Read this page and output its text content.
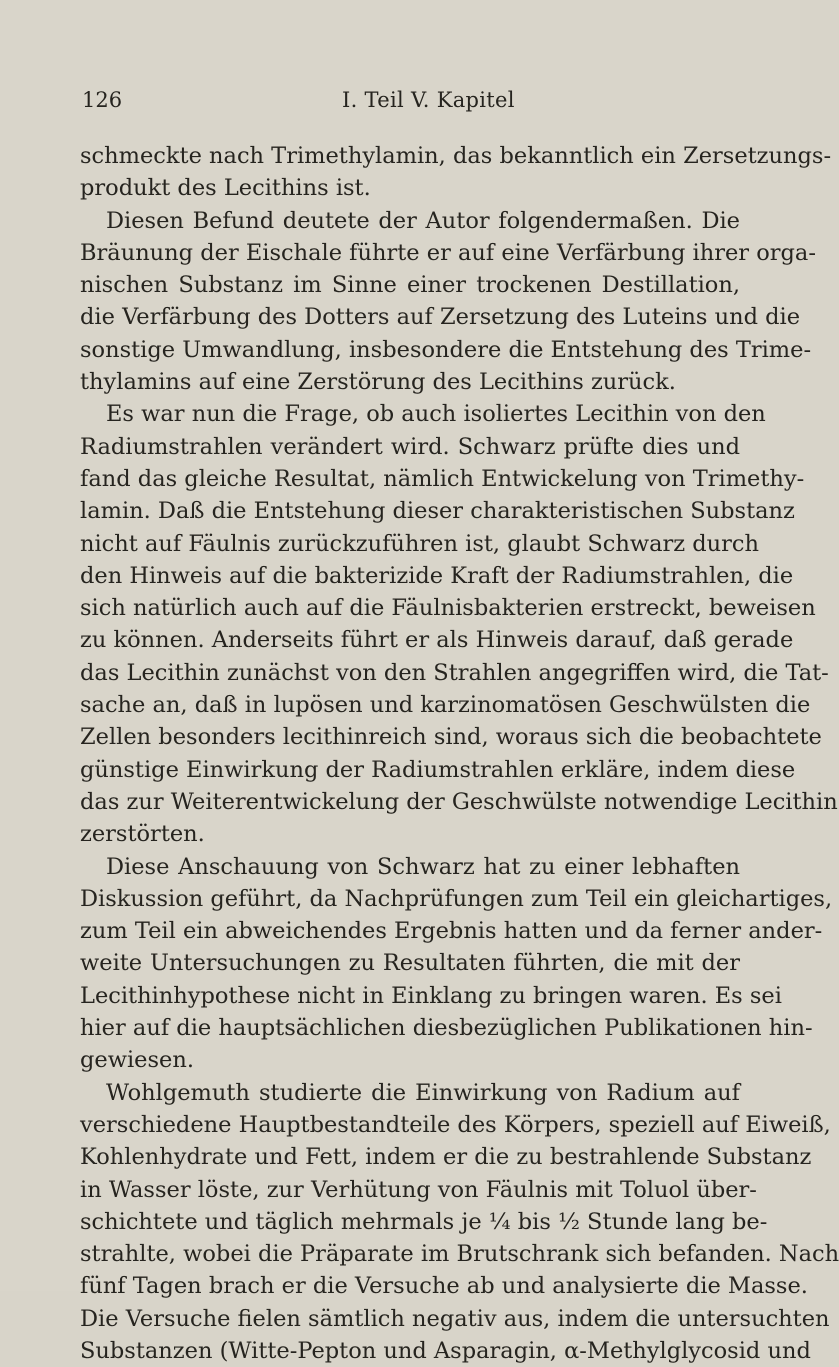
126	I. Teil V. Kapitel
schmeckte nach Trimethylamin, das bekanntlich ein Zersetzungs-
produkt des Lecithins ist.
Diesen Befund deutete der Autor folgendermaßen. Die
Bräunung der Eischale führte er auf eine Verfärbung ihrer orga-
nischen Substanz im Sinne einer trockenen Destillation,
die Verfärbung des Dotters auf Zersetzung des Luteins und die
sonstige Umwandlung, insbesondere die Entstehung des Trime-
thylamins auf eine Zerstörung des Lecithins zurück.
Es war nun die Frage, ob auch isoliertes Lecithin von den
Radiumstrahlen verändert wird. Schwarz prüfte dies und
fand das gleiche Resultat, nämlich Entwickelung von Trimethy-
lamin. Daß die Entstehung dieser charakteristischen Substanz
nicht auf Fäulnis zurückzuführen ist, glaubt Schwarz durch
den Hinweis auf die bakterizide Kraft der Radiumstrahlen, die
sich natürlich auch auf die Fäulnisbakterien erstreckt, beweisen
zu können. Anderseits führt er als Hinweis darauf, daß gerade
das Lecithin zunächst von den Strahlen angegriffen wird, die Tat-
sache an, daß in lupösen und karzinomatösen Geschwülsten die
Zellen besonders lecithinreich sind, woraus sich die beobachtete
günstige Einwirkung der Radiumstrahlen erkläre, indem diese
das zur Weiterentwickelung der Geschwülste notwendige Lecithin
zerstörten.
Diese Anschauung von Schwarz hat zu einer lebhaften
Diskussion geführt, da Nachprüfungen zum Teil ein gleichartiges,
zum Teil ein abweichendes Ergebnis hatten und da ferner ander-
weite Untersuchungen zu Resultaten führten, die mit der
Lecithinhypothese nicht in Einklang zu bringen waren. Es sei
hier auf die hauptsächlichen diesbezüglichen Publikationen hin-
gewiesen.
Wohlgemuth studierte die Einwirkung von Radium auf
verschiedene Hauptbestandteile des Körpers, speziell auf Eiweiß,
Kohlenhydrate und Fett, indem er die zu bestrahlende Substanz
in Wasser löste, zur Verhütung von Fäulnis mit Toluol über-
schichtete und täglich mehrmals je ¼ bis ½ Stunde lang be-
strahlte, wobei die Präparate im Brutschrank sich befanden. Nach
fünf Tagen brach er die Versuche ab und analysierte die Masse.
Die Versuche fielen sämtlich negativ aus, indem die untersuchten
Substanzen (Witte-Pepton und Asparagin, α-Methylglycosid und
